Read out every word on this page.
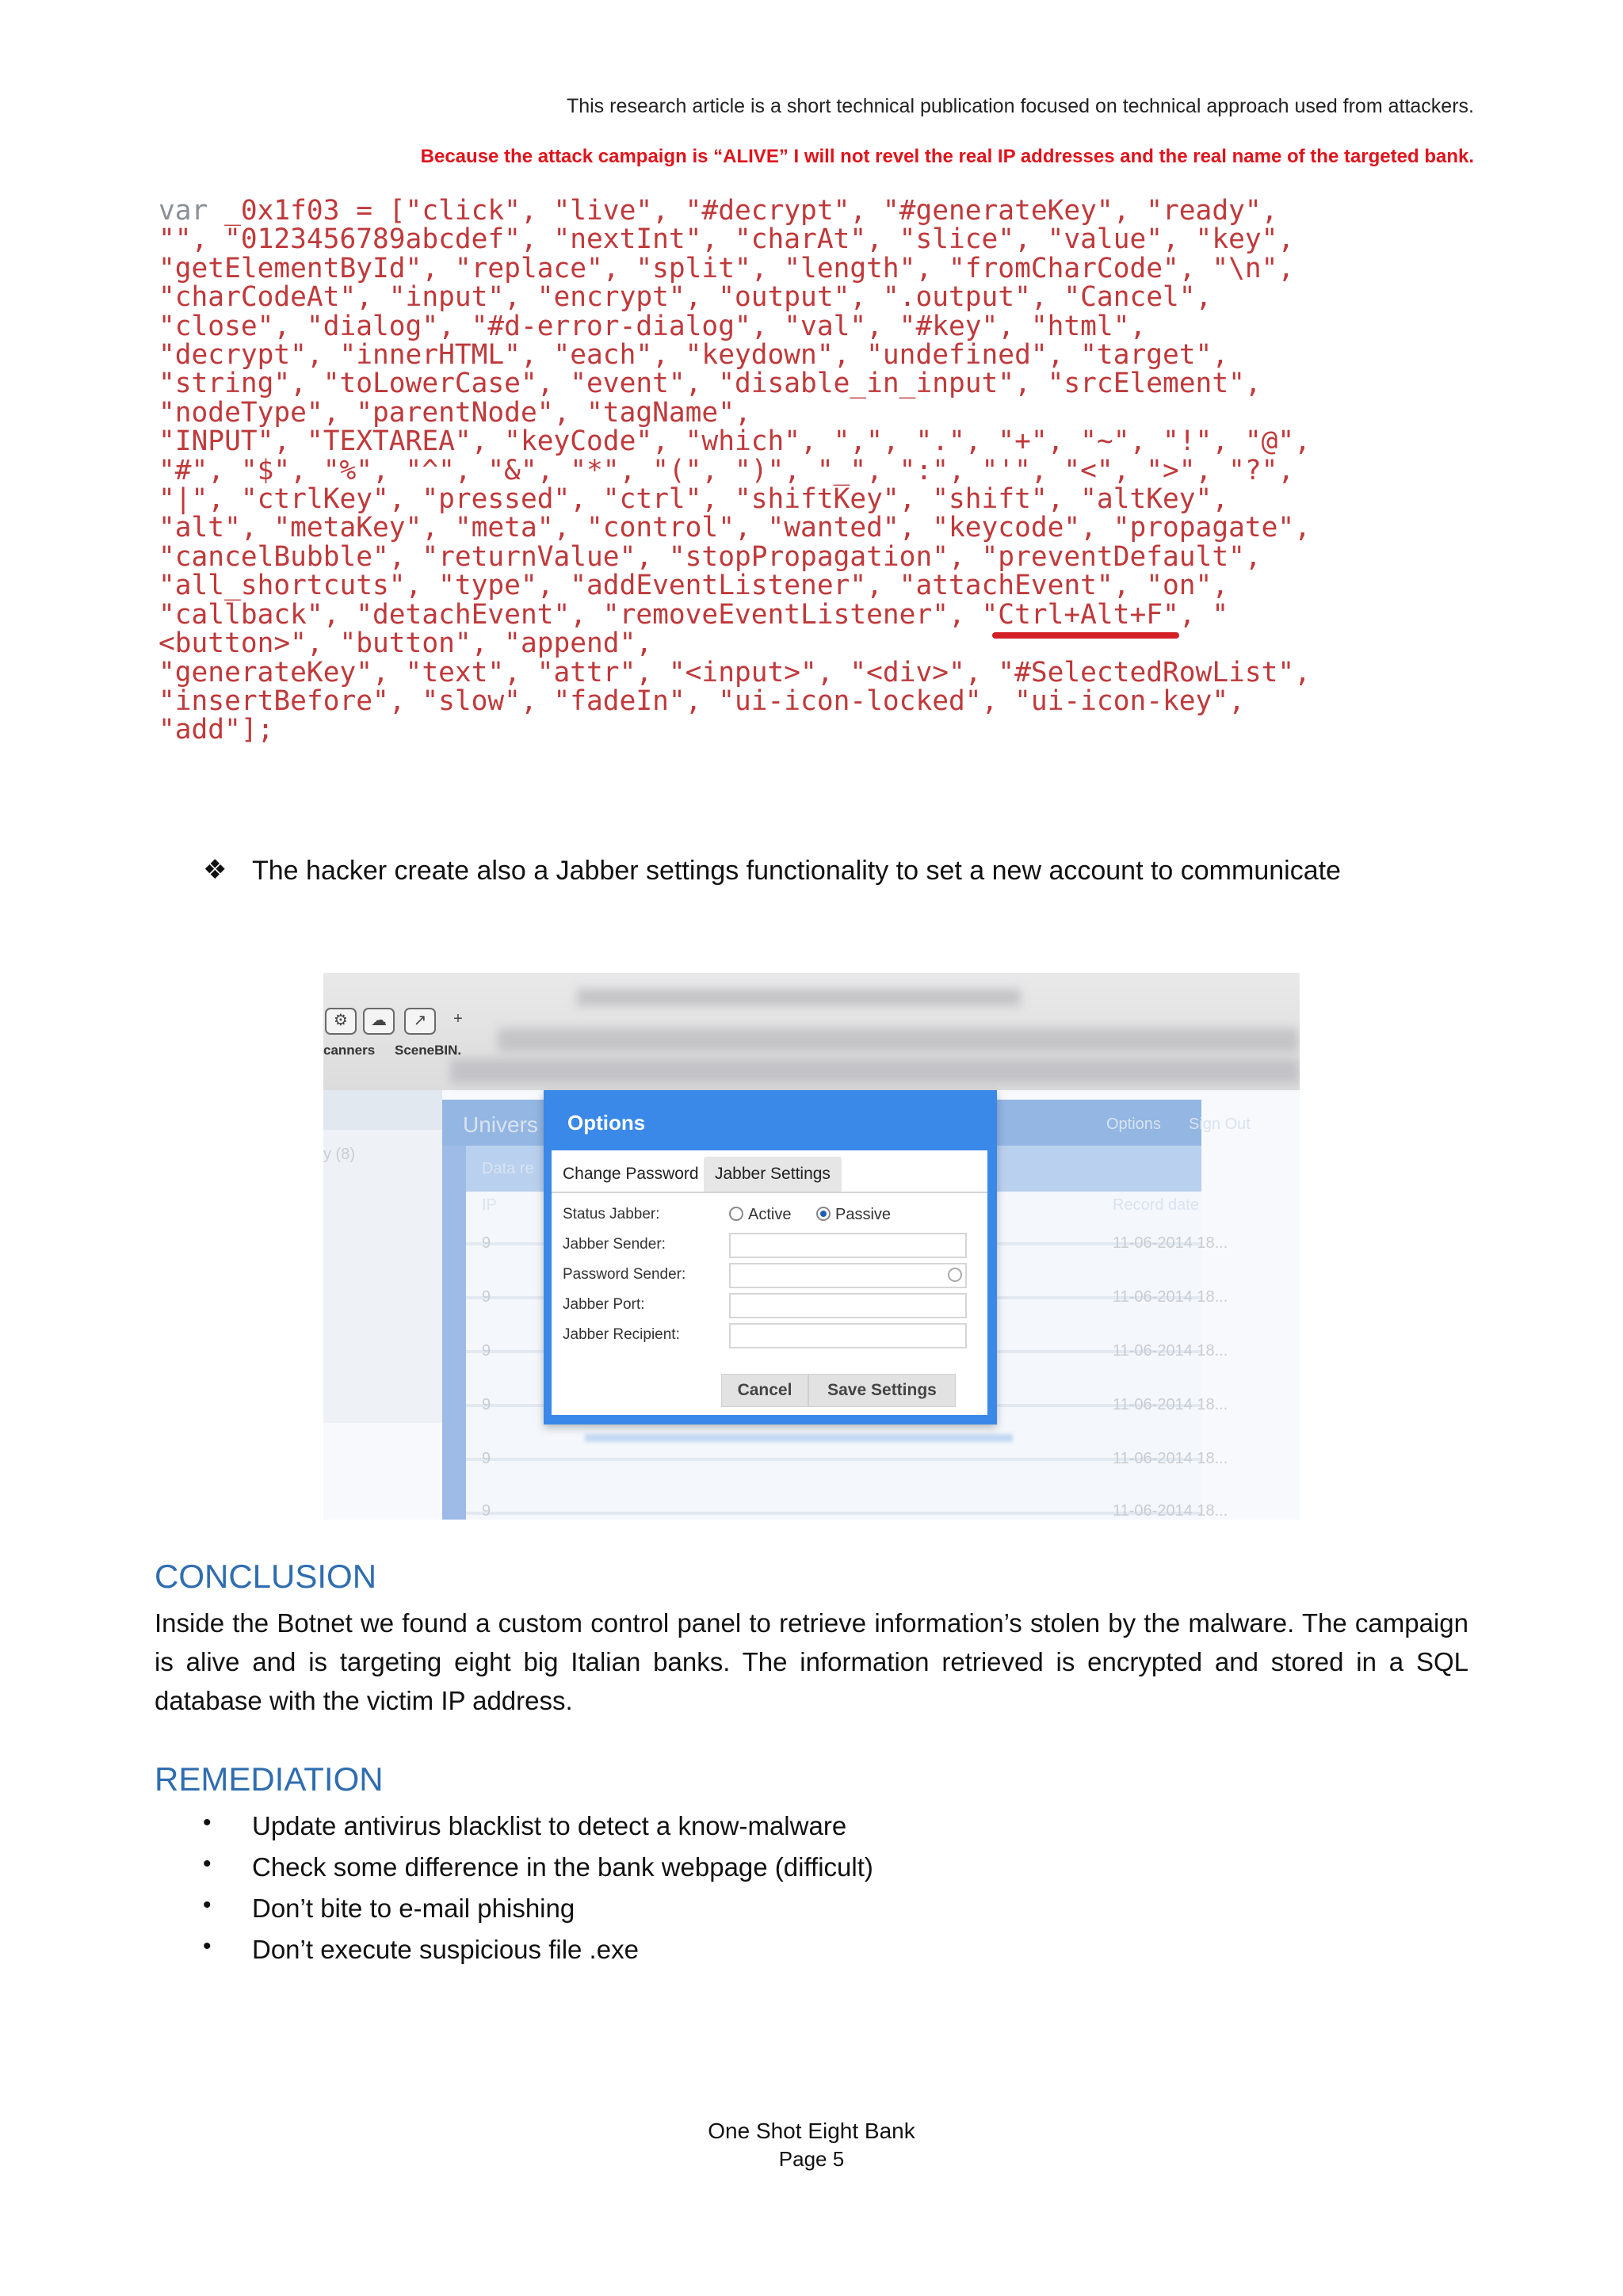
This research article is a short technical publication focused on technical approach used from attackers.
Because the attack campaign is “ALIVE” I will not revel the real IP addresses and the real name of the targeted bank.
var _0x1f03 = ["click", "live", "#decrypt", "#generateKey", "ready",
"", "0123456789abcdef", "nextInt", "charAt", "slice", "value", "key",
"getElementById", "replace", "split", "length", "fromCharCode", "\n",
"charCodeAt", "input", "encrypt", "output", ".output", "Cancel",
"close", "dialog", "#d-error-dialog", "val", "#key", "html",
"decrypt", "innerHTML", "each", "keydown", "undefined", "target",
"string", "toLowerCase", "event", "disable_in_input", "srcElement",
"nodeType", "parentNode", "tagName",
"INPUT", "TEXTAREA", "keyCode", "which", ",", ".", "+", "~", "!", "@",
"#", "$", "%", "^", "&", "*", "(", ")", "_", ":", "'", "<", ">", "?",
"|", "ctrlKey", "pressed", "ctrl", "shiftKey", "shift", "altKey",
"alt", "metaKey", "meta", "control", "wanted", "keycode", "propagate",
"cancelBubble", "returnValue", "stopPropagation", "preventDefault",
"all_shortcuts", "type", "addEventListener", "attachEvent", "on",
"callback", "detachEvent", "removeEventListener", "Ctrl+Alt+F", "
<button>", "button", "append",
"generateKey", "text", "attr", "<input>", "<div>", "#SelectedRowList",
"insertBefore", "slow", "fadeIn", "ui-icon-locked", "ui-icon-key",
"add"];
❖ The hacker create also a Jabber settings functionality to set a new account to communicate
⚙	☁	↗	+
canners SceneBIN.
y (8)
Univers	Options Sign Out
Data re
IP	Record date
9	11-06-2014 18...
9	11-06-2014 18...
9	11-06-2014 18...
9	11-06-2014 18...
9	11-06-2014 18...
9	11-06-2014 18...
Options
Change Password Jabber Settings
Status Jabber:	Active	Passive
Jabber Sender:
Password Sender:
Jabber Port:
Jabber Recipient:
Cancel	Save Settings
CONCLUSION
Inside the Botnet we found a custom control panel to retrieve information’s stolen by the malware. The campaign is alive and is targeting eight big Italian banks. The information retrieved is encrypted and stored in a SQL database with the victim IP address.
REMEDIATION
• Update antivirus blacklist to detect a know-malware
• Check some difference in the bank webpage (difficult)
• Don’t bite to e-mail phishing
• Don’t execute suspicious file .exe
One Shot Eight Bank
Page 5
